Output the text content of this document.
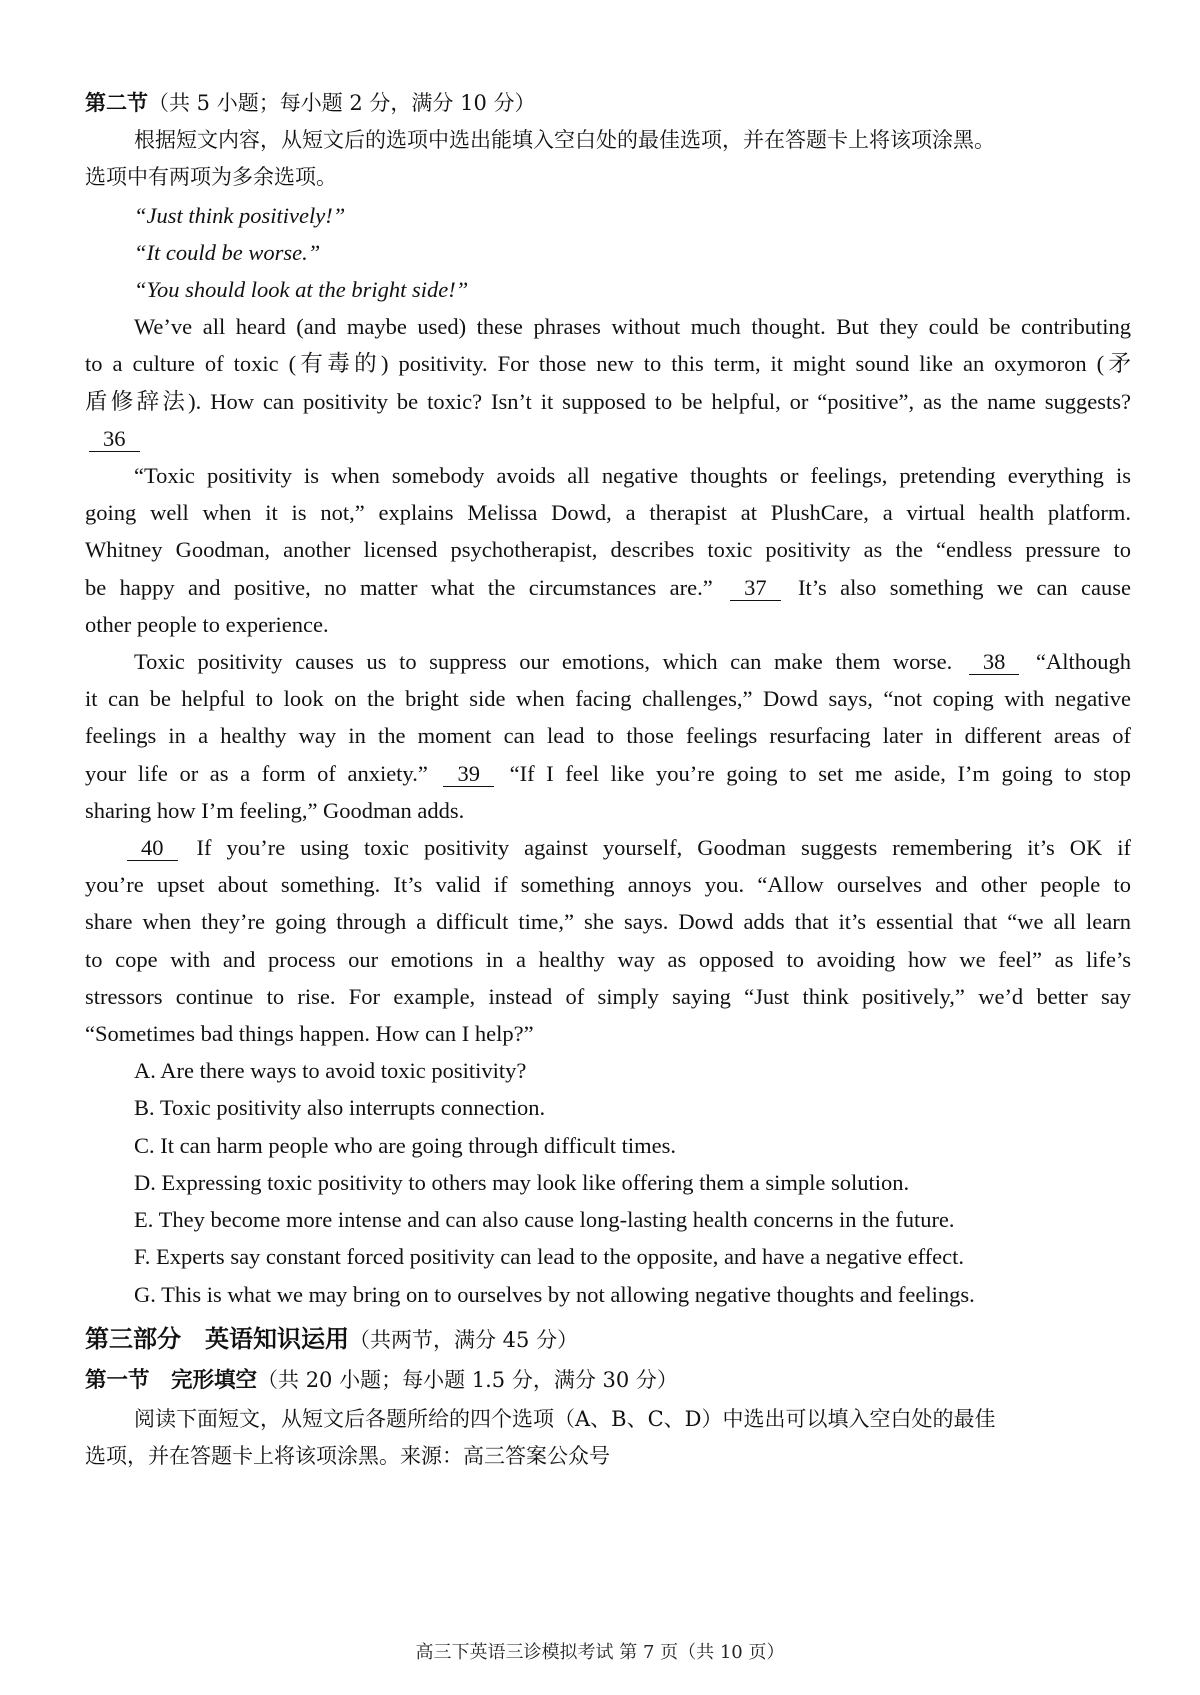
第二节（共 5 小题；每小题 2 分，满分 10 分）
根据短文内容，从短文后的选项中选出能填入空白处的最佳选项，并在答题卡上将该项涂黑。
选项中有两项为多余选项。
“Just think positively!”
“It could be worse.”
“You should look at the bright side!”
We’ve all heard (and maybe used) these phrases without much thought. But they could be contributing
to a culture of toxic (有毒的) positivity. For those new to this term, it might sound like an oxymoron (矛
盾修辞法). How can positivity be toxic? Isn’t it supposed to be helpful, or “positive”, as the name suggests?
36
“Toxic positivity is when somebody avoids all negative thoughts or feelings, pretending everything is
going well when it is not,” explains Melissa Dowd, a therapist at PlushCare, a virtual health platform.
Whitney Goodman, another licensed psychotherapist, describes toxic positivity as the “endless pressure to
be happy and positive, no matter what the circumstances are.” 37 It’s also something we can cause
other people to experience.
Toxic positivity causes us to suppress our emotions, which can make them worse. 38 “Although
it can be helpful to look on the bright side when facing challenges,” Dowd says, “not coping with negative
feelings in a healthy way in the moment can lead to those feelings resurfacing later in different areas of
your life or as a form of anxiety.” 39 “If I feel like you’re going to set me aside, I’m going to stop
sharing how I’m feeling,” Goodman adds.
40 If you’re using toxic positivity against yourself, Goodman suggests remembering it’s OK if
you’re upset about something. It’s valid if something annoys you. “Allow ourselves and other people to
share when they’re going through a difficult time,” she says. Dowd adds that it’s essential that “we all learn
to cope with and process our emotions in a healthy way as opposed to avoiding how we feel” as life’s
stressors continue to rise. For example, instead of simply saying “Just think positively,” we’d better say
“Sometimes bad things happen. How can I help?”
A. Are there ways to avoid toxic positivity?
B. Toxic positivity also interrupts connection.
C. It can harm people who are going through difficult times.
D. Expressing toxic positivity to others may look like offering them a simple solution.
E. They become more intense and can also cause long-lasting health concerns in the future.
F. Experts say constant forced positivity can lead to the opposite, and have a negative effect.
G. This is what we may bring on to ourselves by not allowing negative thoughts and feelings.
第三部分　英语知识运用（共两节，满分 45 分）
第一节　完形填空（共 20 小题；每小题 1.5 分，满分 30 分）
阅读下面短文，从短文后各题所给的四个选项（A、B、C、D）中选出可以填入空白处的最佳
选项，并在答题卡上将该项涂黑。来源：高三答案公众号
高三下英语三诊模拟考试 第 7 页（共 10 页）
